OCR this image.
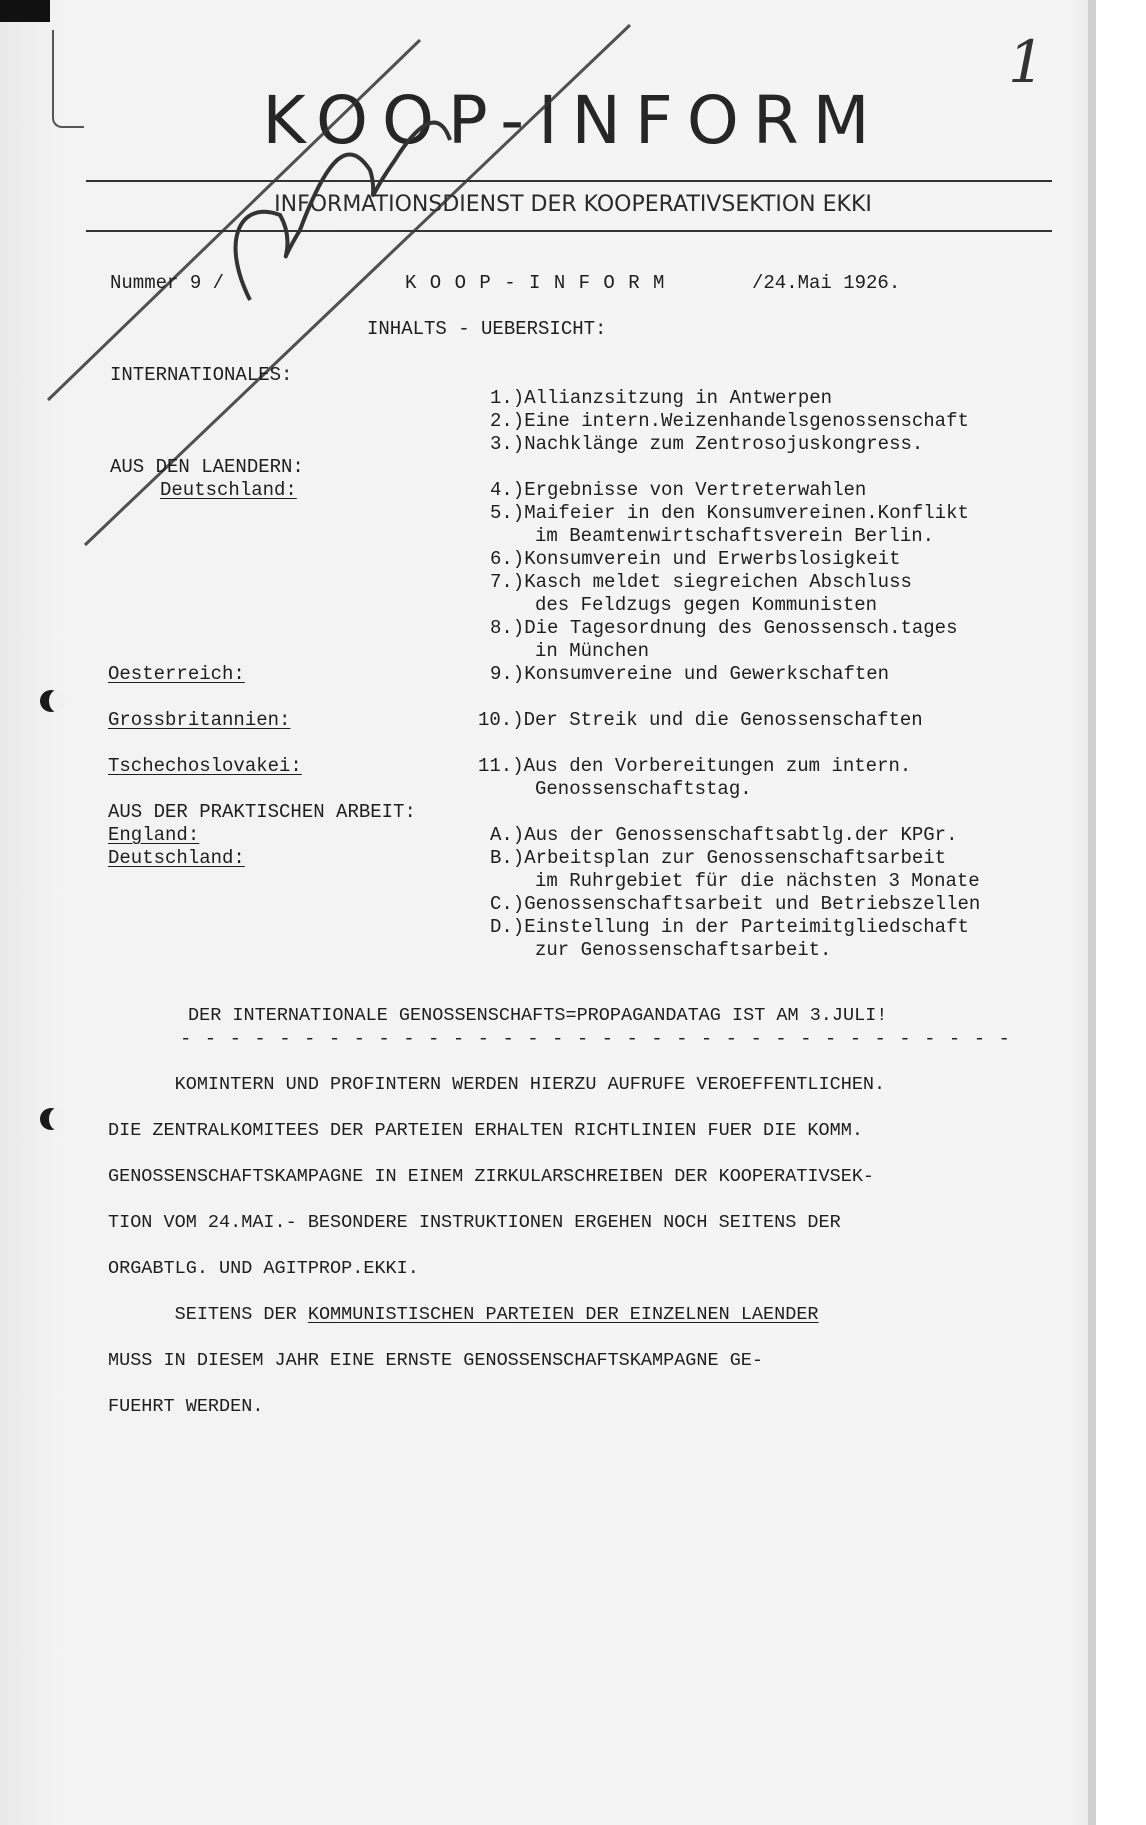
1
KOOP-INFORM
INFORMATIONSDIENST DER KOOPERATIVSEKTION EKKI
Nummer 9 /	K O O P - I N F O R M	/24.Mai 1926.
INHALTS - UEBERSICHT:
INTERNATIONALES:
AUS DEN LAENDERN:
Deutschland:
Oesterreich:
Grossbritannien:
Tschechoslovakei:
AUS DER PRAKTISCHEN ARBEIT:
England:
Deutschland:
1.)Allianzsitzung in Antwerpen
2.)Eine intern.Weizenhandelsgenossenschaft
3.)Nachklänge zum Zentrosojuskongress.
4.)Ergebnisse von Vertreterwahlen
5.)Maifeier in den Konsumvereinen.Konflikt
im Beamtenwirtschaftsverein Berlin.
6.)Konsumverein und Erwerbslosigkeit
7.)Kasch meldet siegreichen Abschluss
des Feldzugs gegen Kommunisten
8.)Die Tagesordnung des Genossensch.tages
in München
9.)Konsumvereine und Gewerkschaften
10.)Der Streik und die Genossenschaften
11.)Aus den Vorbereitungen zum intern.
Genossenschaftstag.
A.)Aus der Genossenschaftsabtlg.der KPGr.
B.)Arbeitsplan zur Genossenschaftsarbeit
im Ruhrgebiet für die nächsten 3 Monate
C.)Genossenschaftsarbeit und Betriebszellen
D.)Einstellung in der Parteimitgliedschaft
zur Genossenschaftsarbeit.
DER INTERNATIONALE GENOSSENSCHAFTS=PROPAGANDATAG IST AM 3.JULI!
- - - - - - - - - - - - - - - - - - - - - - - - - - - - - - - - - -
KOMINTERN UND PROFINTERN WERDEN HIERZU AUFRUFE VEROEFFENTLICHEN.
DIE ZENTRALKOMITEES DER PARTEIEN ERHALTEN RICHTLINIEN FUER DIE KOMM.
GENOSSENSCHAFTSKAMPAGNE IN EINEM ZIRKULARSCHREIBEN DER KOOPERATIVSEK-
TION VOM 24.MAI.- BESONDERE INSTRUKTIONEN ERGEHEN NOCH SEITENS DER
ORGABTLG. UND AGITPROP.EKKI.
SEITENS DER KOMMUNISTISCHEN PARTEIEN DER EINZELNEN LAENDER
MUSS IN DIESEM JAHR EINE ERNSTE GENOSSENSCHAFTSKAMPAGNE GE-
FUEHRT WERDEN.
